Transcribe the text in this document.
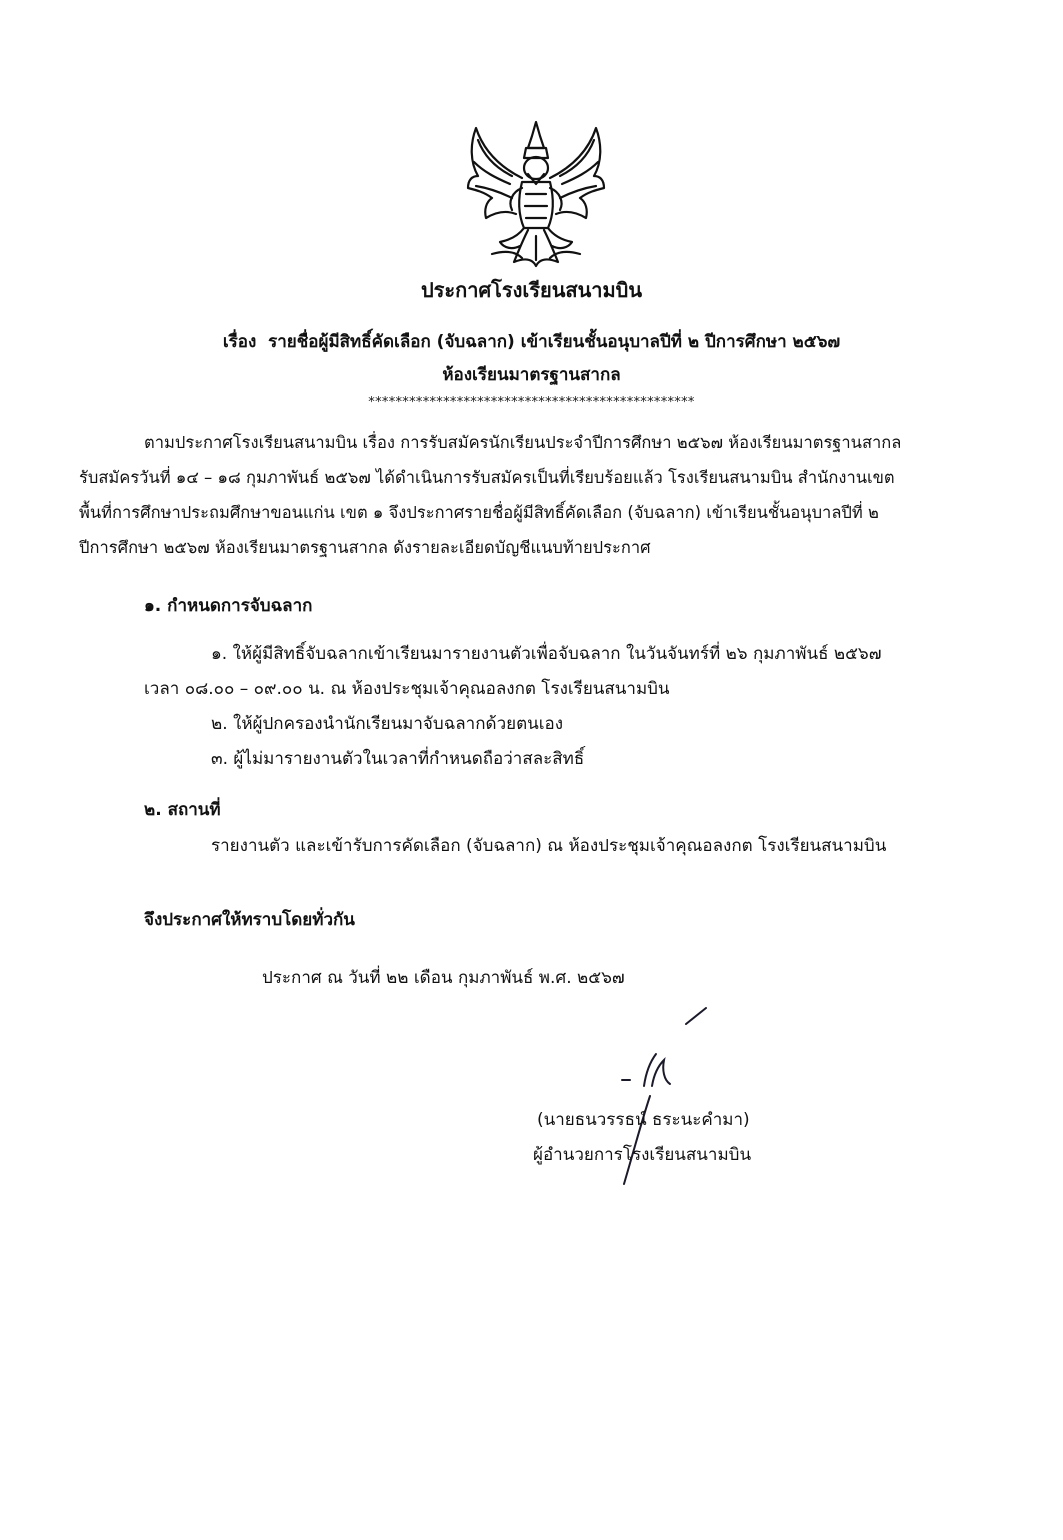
ประกาศโรงเรียนสนามบิน
เรื่อง รายชื่อผู้มีสิทธิ์คัดเลือก (จับฉลาก) เข้าเรียนชั้นอนุบาลปีที่ ๒ ปีการศึกษา ๒๕๖๗
ห้องเรียนมาตรฐานสากล
************************************************
ตามประกาศโรงเรียนสนามบิน เรื่อง การรับสมัครนักเรียนประจำปีการศึกษา ๒๕๖๗ ห้องเรียนมาตรฐานสากล
รับสมัครวันที่ ๑๔ – ๑๘ กุมภาพันธ์ ๒๕๖๗ ได้ดำเนินการรับสมัครเป็นที่เรียบร้อยแล้ว โรงเรียนสนามบิน สำนักงานเขต
พื้นที่การศึกษาประถมศึกษาขอนแก่น เขต ๑ จึงประกาศรายชื่อผู้มีสิทธิ์คัดเลือก (จับฉลาก) เข้าเรียนชั้นอนุบาลปีที่ ๒
ปีการศึกษา ๒๕๖๗ ห้องเรียนมาตรฐานสากล ดังรายละเอียดบัญชีแนบท้ายประกาศ
๑. กำหนดการจับฉลาก
๑. ให้ผู้มีสิทธิ์จับฉลากเข้าเรียนมารายงานตัวเพื่อจับฉลาก ในวันจันทร์ที่ ๒๖ กุมภาพันธ์ ๒๕๖๗
เวลา ๐๘.๐๐ – ๐๙.๐๐ น. ณ ห้องประชุมเจ้าคุณอลงกต โรงเรียนสนามบิน
๒. ให้ผู้ปกครองนำนักเรียนมาจับฉลากด้วยตนเอง
๓. ผู้ไม่มารายงานตัวในเวลาที่กำหนดถือว่าสละสิทธิ์
๒. สถานที่
รายงานตัว และเข้ารับการคัดเลือก (จับฉลาก) ณ ห้องประชุมเจ้าคุณอลงกต โรงเรียนสนามบิน
จึงประกาศให้ทราบโดยทั่วกัน
ประกาศ ณ วันที่ ๒๒ เดือน กุมภาพันธ์ พ.ศ. ๒๕๖๗
(นายธนวรรธน์ ธระนะคำมา)
ผู้อำนวยการโรงเรียนสนามบิน
